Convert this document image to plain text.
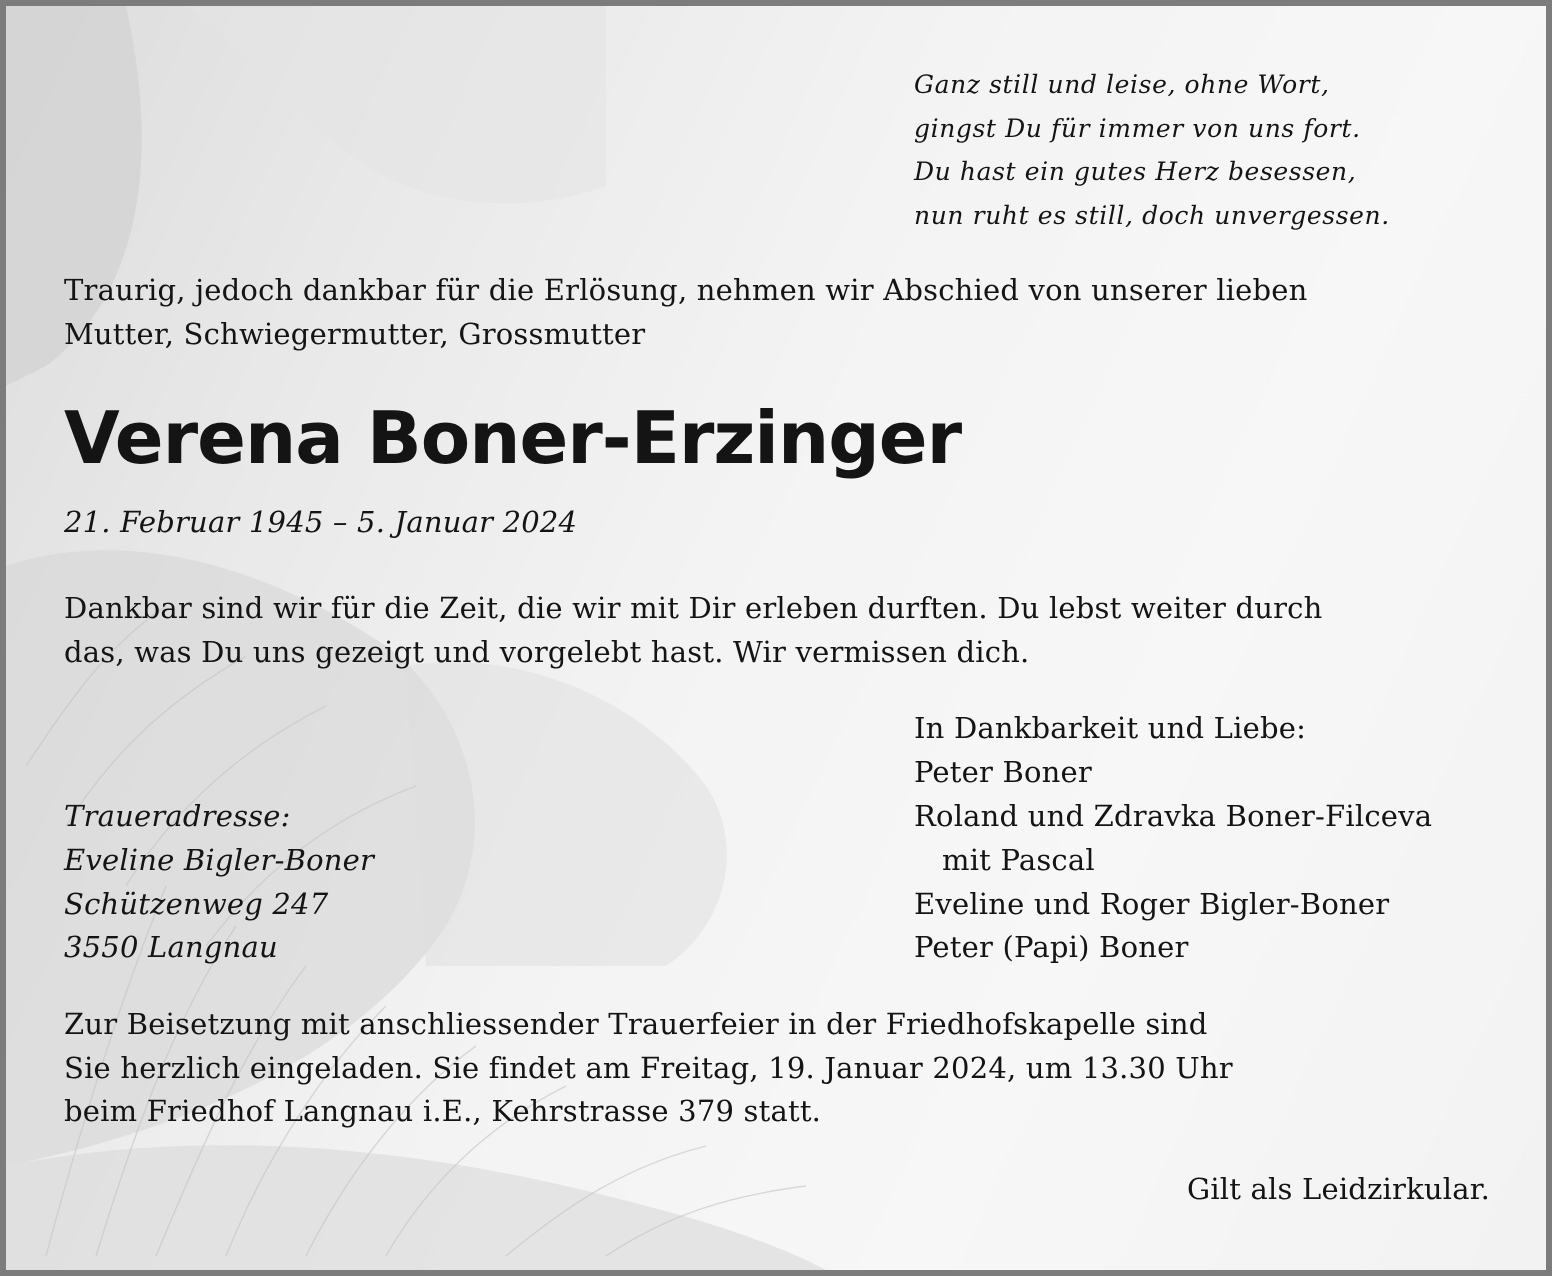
Ganz still und leise, ohne Wort,
gingst Du für immer von uns fort.
Du hast ein gutes Herz besessen,
nun ruht es still, doch unvergessen.
Traurig, jedoch dankbar für die Erlösung, nehmen wir Abschied von unserer lieben
Mutter, Schwiegermutter, Grossmutter
Verena Boner-Erzinger
21. Februar 1945 – 5. Januar 2024
Dankbar sind wir für die Zeit, die wir mit Dir erleben durften. Du lebst weiter durch
das, was Du uns gezeigt und vorgelebt hast. Wir vermissen dich.
In Dankbarkeit und Liebe:
Peter Boner
Roland und Zdravka Boner-Filceva
mit Pascal
Eveline und Roger Bigler-Boner
Peter (Papi) Boner
Traueradresse:
Eveline Bigler-Boner
Schützenweg 247
3550 Langnau
Zur Beisetzung mit anschliessender Trauerfeier in der Friedhofskapelle sind
Sie herzlich eingeladen. Sie findet am Freitag, 19. Januar 2024, um 13.30 Uhr
beim Friedhof Langnau i.E., Kehrstrasse 379 statt.
Gilt als Leidzirkular.
